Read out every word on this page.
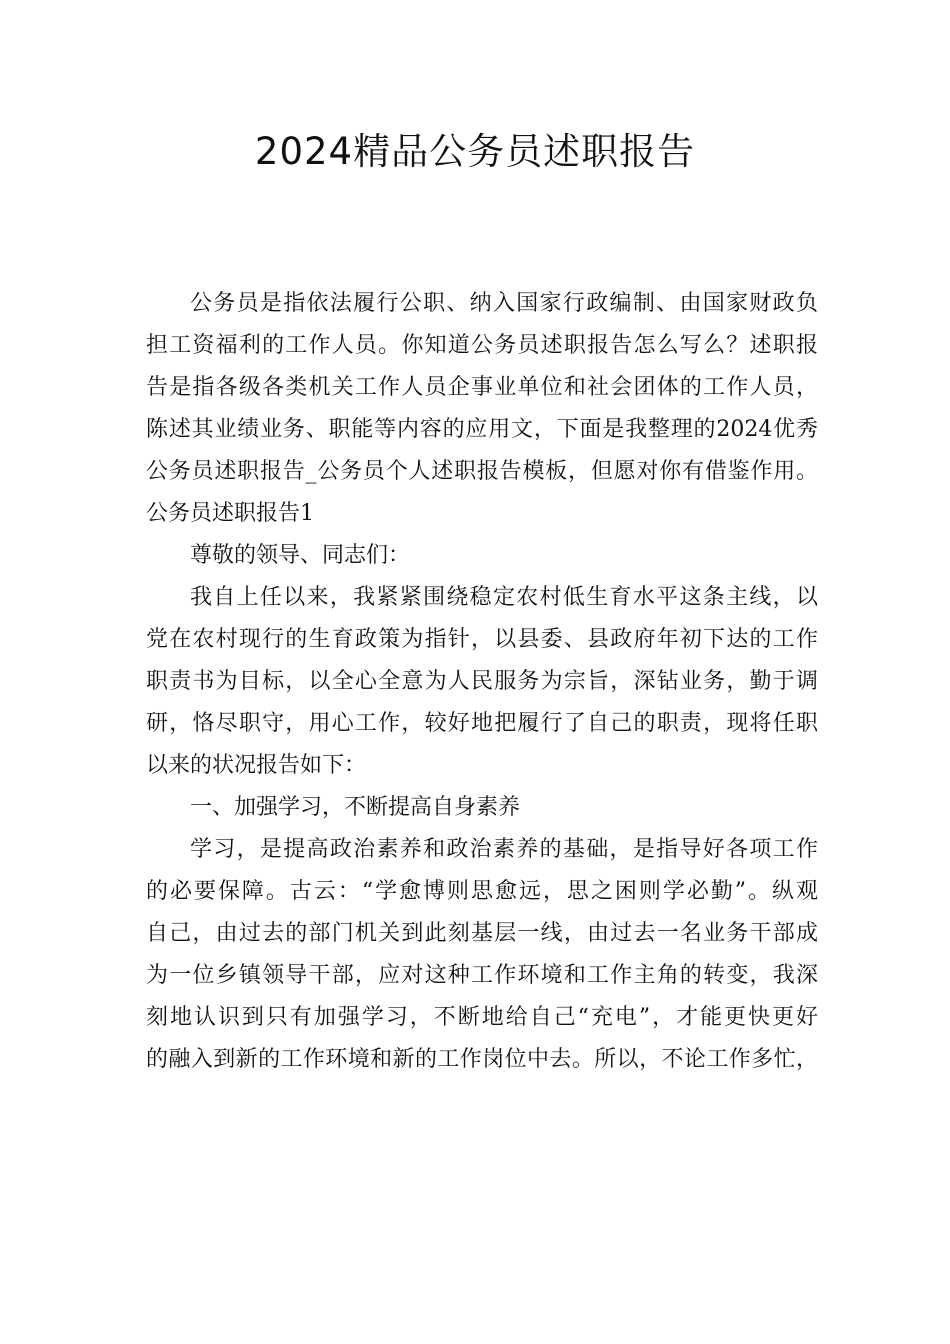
2024精品公务员述职报告

公务员是指依法履行公职、纳入国家行政编制、由国家财政负

担工资福利的工作人员。你知道公务员述职报告怎么写么？述职报

告是指各级各类机关工作人员企事业单位和社会团体的工作人员，

陈述其业绩业务、职能等内容的应用文，下面是我整理的2024优秀

公务员述职报告_公务员个人述职报告模板，但愿对你有借鉴作用。

公务员述职报告1

尊敬的领导、同志们：

我自上任以来，我紧紧围绕稳定农村低生育水平这条主线，以

党在农村现行的生育政策为指针，以县委、县政府年初下达的工作

职责书为目标，以全心全意为人民服务为宗旨，深钻业务，勤于调

研，恪尽职守，用心工作，较好地把履行了自己的职责，现将任职

以来的状况报告如下：

一、加强学习，不断提高自身素养

学习，是提高政治素养和政治素养的基础，是指导好各项工作

的必要保障。古云：“学愈博则思愈远，思之困则学必勤”。纵观

自己，由过去的部门机关到此刻基层一线，由过去一名业务干部成

为一位乡镇领导干部，应对这种工作环境和工作主角的转变，我深

刻地认识到只有加强学习，不断地给自己“充电”，才能更快更好

的融入到新的工作环境和新的工作岗位中去。所以，不论工作多忙，
